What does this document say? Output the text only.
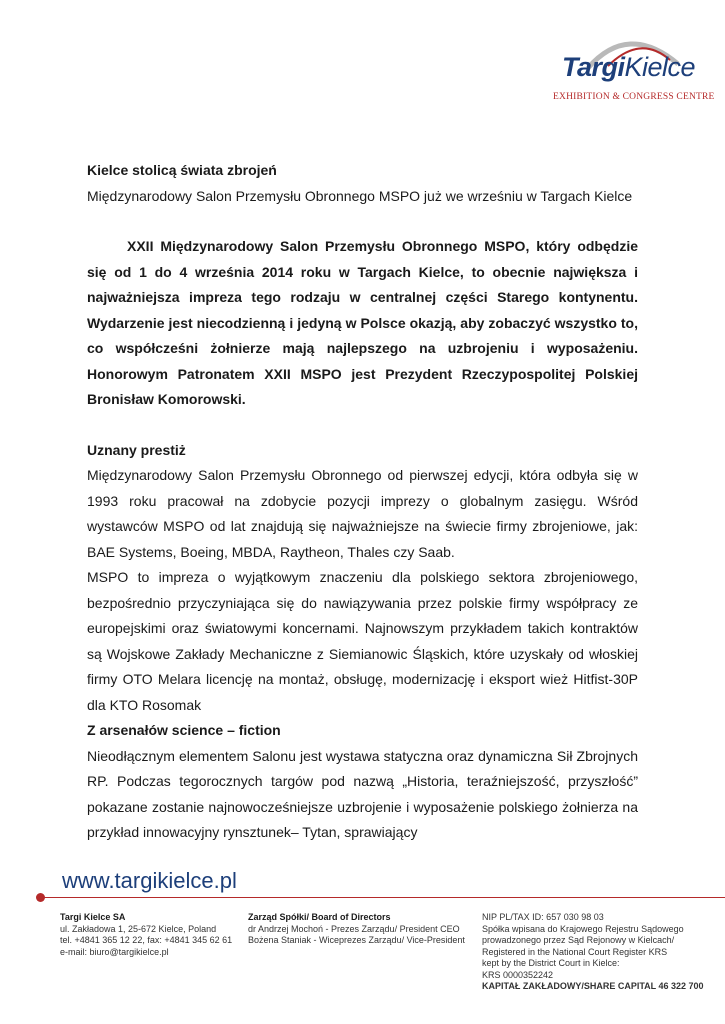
TargiKielce
EXHIBITION & CONGRESS CENTRE

Kielce stolicą świata zbrojeń

Międzynarodowy Salon Przemysłu Obronnego MSPO już we wrześniu w Targach Kielce

XXII Międzynarodowy Salon Przemysłu Obronnego MSPO, który odbędzie się od 1 do 4 września 2014 roku w Targach Kielce, to obecnie największa i najważniejsza impreza tego rodzaju w centralnej części Starego kontynentu. Wydarzenie jest niecodzienną i jedyną w Polsce okazją, aby zobaczyć wszystko to, co współcześni żołnierze mają najlepszego na uzbrojeniu i wyposażeniu. Honorowym Patronatem XXII MSPO jest Prezydent Rzeczypospolitej Polskiej Bronisław Komorowski.

Uznany prestiż

Międzynarodowy Salon Przemysłu Obronnego od pierwszej edycji, która odbyła się w 1993 roku pracował na zdobycie pozycji imprezy o globalnym zasięgu. Wśród wystawców MSPO od lat znajdują się najważniejsze na świecie firmy zbrojeniowe, jak: BAE Systems, Boeing, MBDA, Raytheon, Thales czy Saab.

MSPO to impreza o wyjątkowym znaczeniu dla polskiego sektora zbrojeniowego, bezpośrednio przyczyniająca się do nawiązywania przez polskie firmy współpracy ze europejskimi oraz światowymi koncernami. Najnowszym przykładem takich kontraktów są Wojskowe Zakłady Mechaniczne z Siemianowic Śląskich, które uzyskały od włoskiej firmy OTO Melara licencję na montaż, obsługę, modernizację i eksport wież Hitfist-30P dla KTO Rosomak

Z arsenałów science – fiction

Nieodłącznym elementem Salonu jest wystawa statyczna oraz dynamiczna Sił Zbrojnych RP. Podczas tegorocznych targów pod nazwą „Historia, teraźniejszość, przyszłość” pokazane zostanie najnowocześniejsze uzbrojenie i wyposażenie polskiego żołnierza na przykład innowacyjny rynsztunek– Tytan, sprawiający

www.targikielce.pl
Targi Kielce SA
ul. Zakładowa 1, 25-672 Kielce, Poland
tel. +4841 365 12 22, fax: +4841 345 62 61
e-mail: biuro@targikielce.pl
Zarząd Spółki/ Board of Directors
dr Andrzej Mochoń - Prezes Zarządu/ President CEO
Bożena Staniak - Wiceprezes Zarządu/ Vice-President
NIP PL/TAX ID: 657 030 98 03
Spółka wpisana do Krajowego Rejestru Sądowego
prowadzonego przez Sąd Rejonowy w Kielcach/
Registered in the National Court Register KRS
kept by the District Court in Kielce:
KRS 0000352242
KAPITAŁ ZAKŁADOWY/SHARE CAPITAL 46 322 700
